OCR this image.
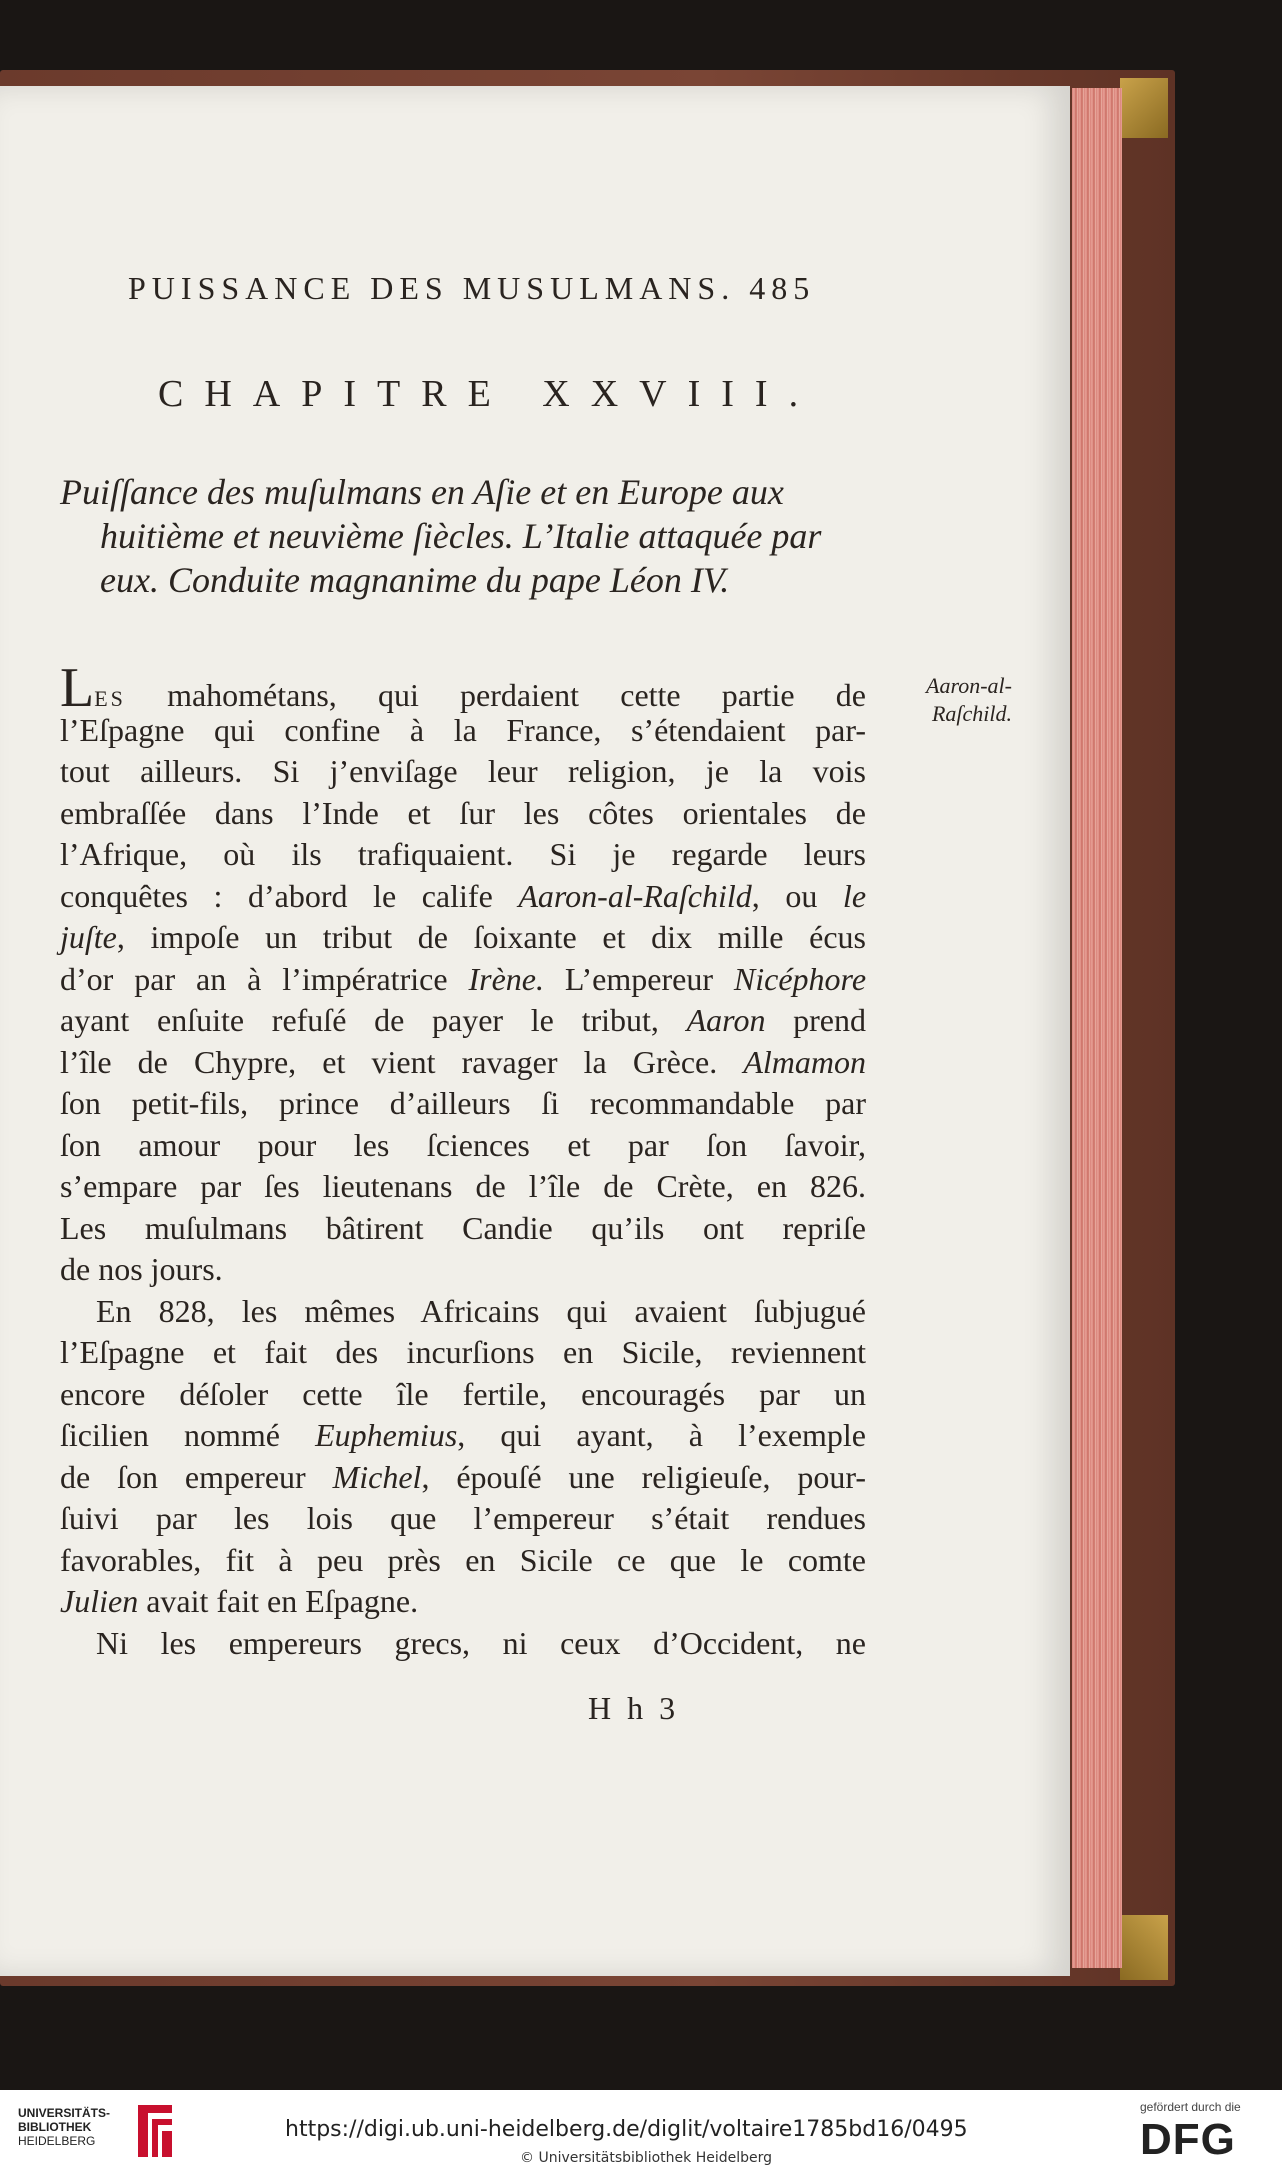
PUISSANCE DES MUSULMANS. 485
CHAPITRE XXVIII.
Puiſſance des muſulmans en Aſie et en Europe aux
huitième et neuvième ſiècles. L’Italie attaquée par
eux. Conduite magnanime du pape Léon IV.
Aaron-al-
Raſchild.
LES mahométans, qui perdaient cette partie de
l’Eſpagne qui confine à la France, s’étendaient par-
tout ailleurs. Si j’enviſage leur religion, je la vois
embraſſée dans l’Inde et ſur les côtes orientales de
l’Afrique, où ils trafiquaient. Si je regarde leurs
conquêtes : d’abord le calife Aaron-al-Raſchild, ou le
juſte, impoſe un tribut de ſoixante et dix mille écus
d’or par an à l’impératrice Irène. L’empereur Nicéphore
ayant enſuite refuſé de payer le tribut, Aaron prend
l’île de Chypre, et vient ravager la Grèce. Almamon
ſon petit-fils, prince d’ailleurs ſi recommandable par
ſon amour pour les ſciences et par ſon ſavoir,
s’empare par ſes lieutenans de l’île de Crète, en 826.
Les muſulmans bâtirent Candie qu’ils ont repriſe
de nos jours.
En 828, les mêmes Africains qui avaient ſubjugué
l’Eſpagne et fait des incurſions en Sicile, reviennent
encore déſoler cette île fertile, encouragés par un
ſicilien nommé Euphemius, qui ayant, à l’exemple
de ſon empereur Michel, épouſé une religieuſe, pour-
ſuivi par les lois que l’empereur s’était rendues
favorables, fit à peu près en Sicile ce que le comte
Julien avait fait en Eſpagne.
Ni les empereurs grecs, ni ceux d’Occident, ne
H h 3
UNIVERSITÄTS-
BIBLIOTHEK
HEIDELBERG	https://digi.ub.uni-heidelberg.de/diglit/voltaire1785bd16/0495
© Universitätsbibliothek Heidelberg
gefördert durch die
DFG
